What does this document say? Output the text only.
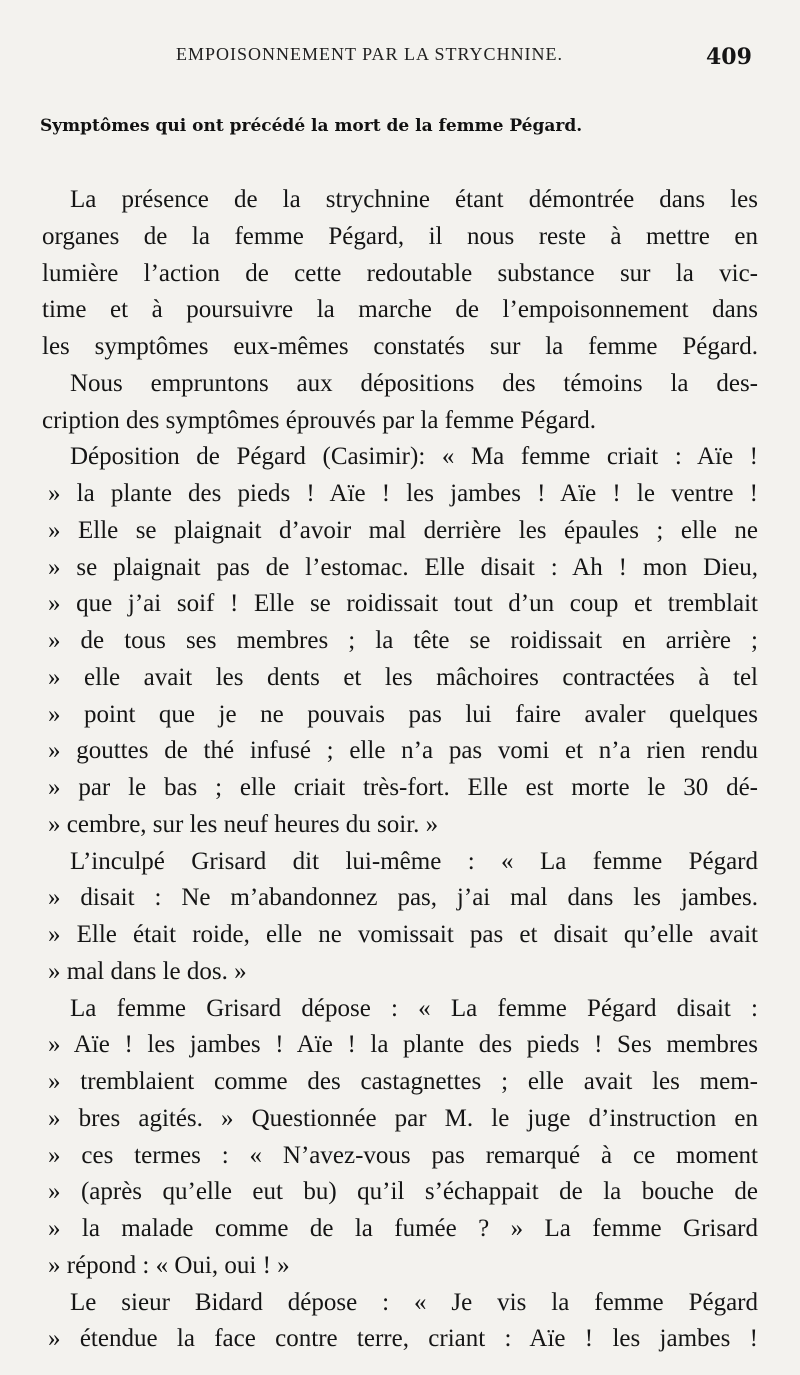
EMPOISONNEMENT PAR LA STRYCHNINE.	409
Symptômes qui ont précédé la mort de la femme Pégard.
La présence de la strychnine étant démontrée dans les
organes de la femme Pégard, il nous reste à mettre en
lumière l’action de cette redoutable substance sur la vic-
time et à poursuivre la marche de l’empoisonnement dans
les symptômes eux-mêmes constatés sur la femme Pégard.
Nous empruntons aux dépositions des témoins la des-
cription des symptômes éprouvés par la femme Pégard.
Déposition de Pégard (Casimir): « Ma femme criait : Aïe !
» la plante des pieds ! Aïe ! les jambes ! Aïe ! le ventre !
» Elle se plaignait d’avoir mal derrière les épaules ; elle ne
» se plaignait pas de l’estomac. Elle disait : Ah ! mon Dieu,
» que j’ai soif ! Elle se roidissait tout d’un coup et tremblait
» de tous ses membres ; la tête se roidissait en arrière ;
» elle avait les dents et les mâchoires contractées à tel
» point que je ne pouvais pas lui faire avaler quelques
» gouttes de thé infusé ; elle n’a pas vomi et n’a rien rendu
» par le bas ; elle criait très-fort. Elle est morte le 30 dé-
» cembre, sur les neuf heures du soir. »
L’inculpé Grisard dit lui-même : « La femme Pégard
» disait : Ne m’abandonnez pas, j’ai mal dans les jambes.
» Elle était roide, elle ne vomissait pas et disait qu’elle avait
» mal dans le dos. »
La femme Grisard dépose : « La femme Pégard disait :
» Aïe ! les jambes ! Aïe ! la plante des pieds ! Ses membres
» tremblaient comme des castagnettes ; elle avait les mem-
» bres agités. » Questionnée par M. le juge d’instruction en
» ces termes : « N’avez-vous pas remarqué à ce moment
» (après qu’elle eut bu) qu’il s’échappait de la bouche de
» la malade comme de la fumée ? » La femme Grisard
» répond : « Oui, oui ! »
Le sieur Bidard dépose : « Je vis la femme Pégard
» étendue la face contre terre, criant : Aïe ! les jambes !
